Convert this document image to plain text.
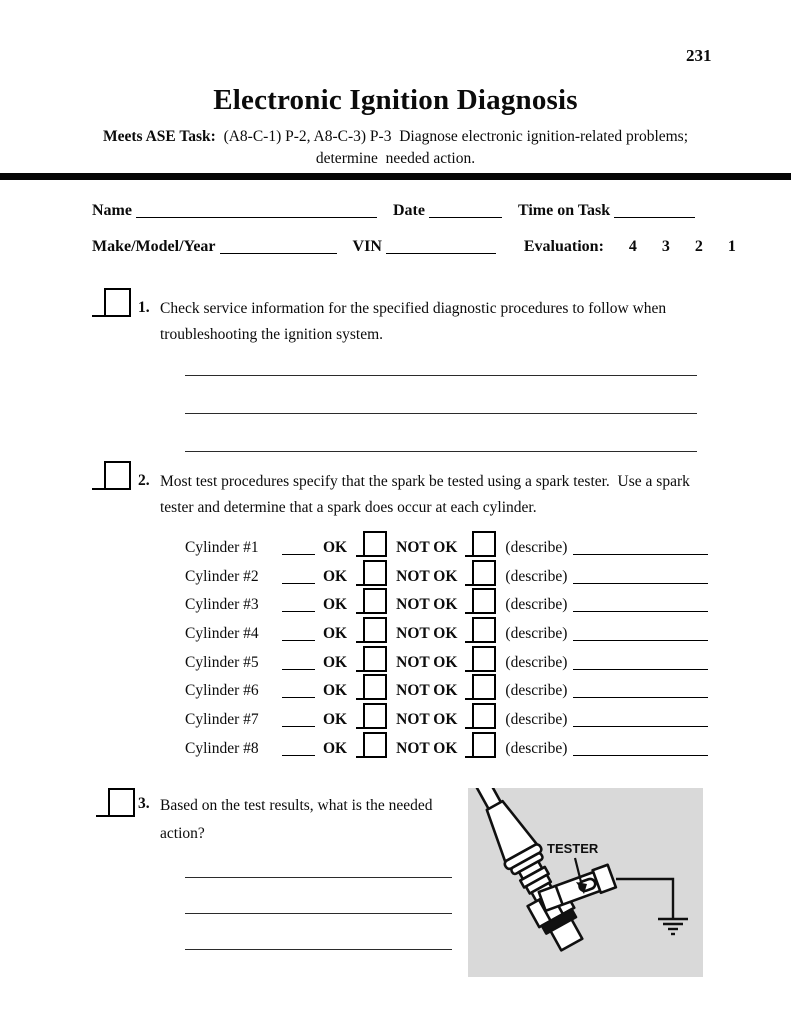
231
Electronic Ignition Diagnosis
Meets ASE Task:  (A8-C-1) P-2, A8-C-3) P-3  Diagnose electronic ignition-related problems;
determine  needed action.
Name	Date	Time on Task
Make/Model/Year	VIN	Evaluation: 4 3 2 1
1. Check service information for the specified diagnostic procedures to follow when
troubleshooting the ignition system.
2. Most test procedures specify that the spark be tested using a spark tester.  Use a spark
tester and determine that a spark does occur at each cylinder.
Cylinder #1	OK	NOT OK	(describe)
Cylinder #2	OK	NOT OK	(describe)
Cylinder #3	OK	NOT OK	(describe)
Cylinder #4	OK	NOT OK	(describe)
Cylinder #5	OK	NOT OK	(describe)
Cylinder #6	OK	NOT OK	(describe)
Cylinder #7	OK	NOT OK	(describe)
Cylinder #8	OK	NOT OK	(describe)
3. Based on the test results, what is the needed
action?
TESTER
